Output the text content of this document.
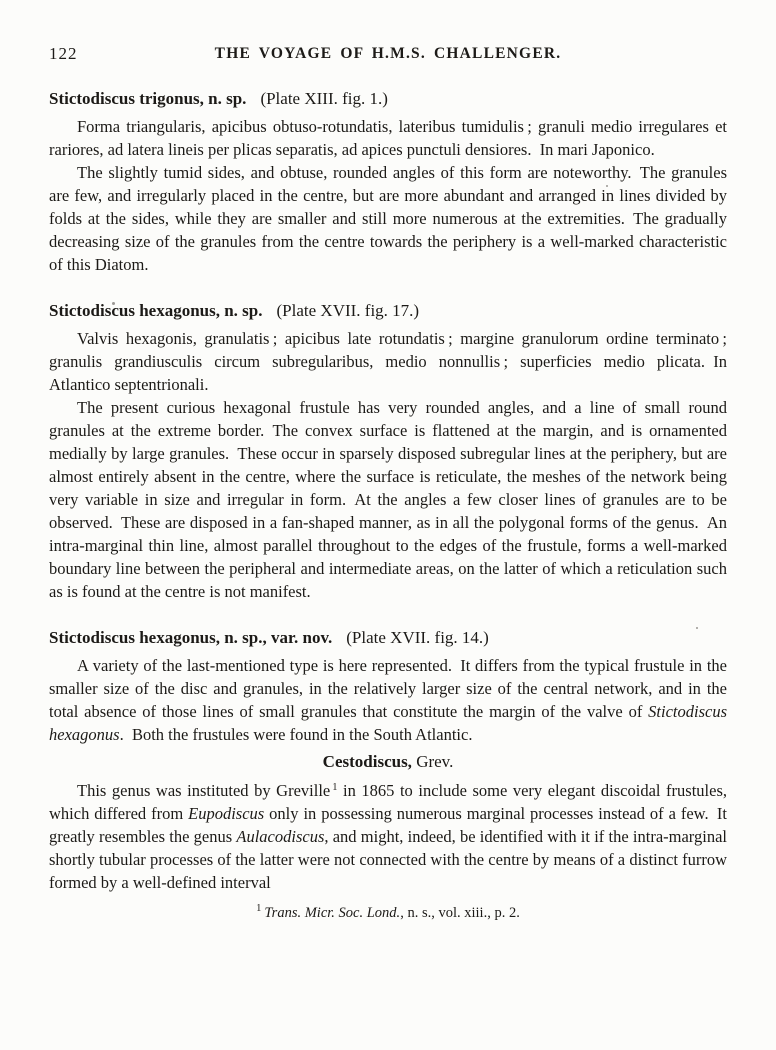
122	THE VOYAGE OF H.M.S. CHALLENGER.
Stictodiscus trigonus, n. sp. (Plate XIII. fig. 1.)

Forma triangularis, apicibus obtuso-rotundatis, lateribus tumidulis ; granuli medio irregulares et rariores, ad latera lineis per plicas separatis, ad apices punctuli densiores. In mari Japonico.

The slightly tumid sides, and obtuse, rounded angles of this form are noteworthy. The granules are few, and irregularly placed in the centre, but are more abundant and arranged in lines divided by folds at the sides, while they are smaller and still more numerous at the extremities. The gradually decreasing size of the granules from the centre towards the periphery is a well-marked characteristic of this Diatom.

Stictodiscus hexagonus, n. sp. (Plate XVII. fig. 17.)

Valvis hexagonis, granulatis ; apicibus late rotundatis ; margine granulorum ordine terminato ; granulis grandiusculis circum subregularibus, medio nonnullis ; superficies medio plicata. In Atlantico septentrionali.

The present curious hexagonal frustule has very rounded angles, and a line of small round granules at the extreme border. The convex surface is flattened at the margin, and is ornamented medially by large granules. These occur in sparsely disposed subregular lines at the periphery, but are almost entirely absent in the centre, where the surface is reticulate, the meshes of the network being very variable in size and irregular in form. At the angles a few closer lines of granules are to be observed. These are disposed in a fan-shaped manner, as in all the polygonal forms of the genus. An intra-marginal thin line, almost parallel throughout to the edges of the frustule, forms a well-marked boundary line between the peripheral and intermediate areas, on the latter of which a reticulation such as is found at the centre is not manifest.

Stictodiscus hexagonus, n. sp., var. nov. (Plate XVII. fig. 14.)

A variety of the last-mentioned type is here represented. It differs from the typical frustule in the smaller size of the disc and granules, in the relatively larger size of the central network, and in the total absence of those lines of small granules that constitute the margin of the valve of Stictodiscus hexagonus. Both the frustules were found in the South Atlantic.

Cestodiscus, Grev.

This genus was instituted by Greville $^1$ in 1865 to include some very elegant discoidal frustules, which differed from Eupodiscus only in possessing numerous marginal processes instead of a few. It greatly resembles the genus Aulacodiscus, and might, indeed, be identified with it if the intra-marginal shortly tubular processes of the latter were not connected with the centre by means of a distinct furrow formed by a well-defined interval

$^1$ Trans. Micr. Soc. Lond., n. s., vol. xiii., p. 2.
